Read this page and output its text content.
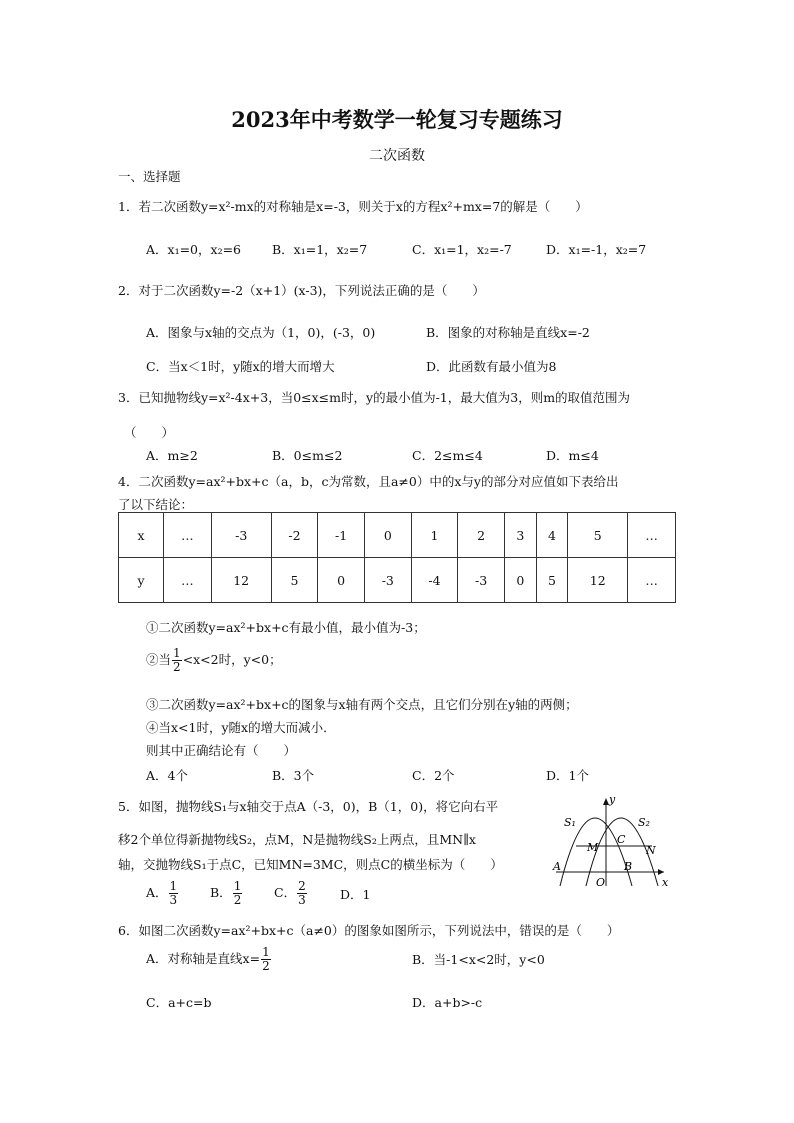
2023年中考数学一轮复习专题练习
二次函数
一、选择题
1．若二次函数y=x²-mx的对称轴是x=-3，则关于x的方程x²+mx=7的解是（　　）
A．x₁=0，x₂=6 B．x₁=1，x₂=7	C．x₁=1，x₂=-7	D．x₁=-1，x₂=7
2．对于二次函数y=-2（x+1）(x-3)，下列说法正确的是（　　）
A．图象与x轴的交点为（1，0)，(-3，0)	B．图象的对称轴是直线x=-2
C．当x＜1时，y随x的增大而增大	D．此函数有最小值为8
3．已知抛物线y=x²-4x+3，当0≤x≤m时，y的最小值为-1，最大值为3，则m的取值范围为
（　　）
A．m≥2	B．0≤m≤2	C．2≤m≤4	D．m≤4
4．二次函数y=ax²+bx+c（a，b，c为常数，且a≠0）中的x与y的部分对应值如下表给出
了以下结论：
x	…	-3	-2	-1	0	1	2	3	4	5	…
y	…	12	5	0	-3	-4	-3	0	5	12	…
①二次函数y=ax²+bx+c有最小值，最小值为-3；
②当 $\frac{1}{2} <x<2$时，y<0；
③二次函数y=ax²+bx+c的图象与x轴有两个交点，且它们分别在y轴的两侧；
④当x<1时，y随x的增大而减小．
则其中正确结论有（　　）
A．4个	B．3个	C．2个	D．1个
5．如图，抛物线S₁与x轴交于点A（-3，0)，B（1，0)，将它向右平
移2个单位得新抛物线S₂，点M，N是抛物线S₂上两点，且MN∥x
轴，交抛物线S₁于点C，已知MN=3MC，则点C的横坐标为（　　）
A． $\frac{1}{3}$	B． $\frac{1}{2}$	C． $\frac{2}{3}$	D．1
y
S₁	S₂
M
C
N
A
O
B
x
6．如图二次函数y=ax²+bx+c（a≠0）的图象如图所示，下列说法中，错误的是（　　）
A．对称轴是直线$x= \frac{1}{2}$	B．当-1<x<2时，y<0
C．a+c=b	D．a+b>-c
